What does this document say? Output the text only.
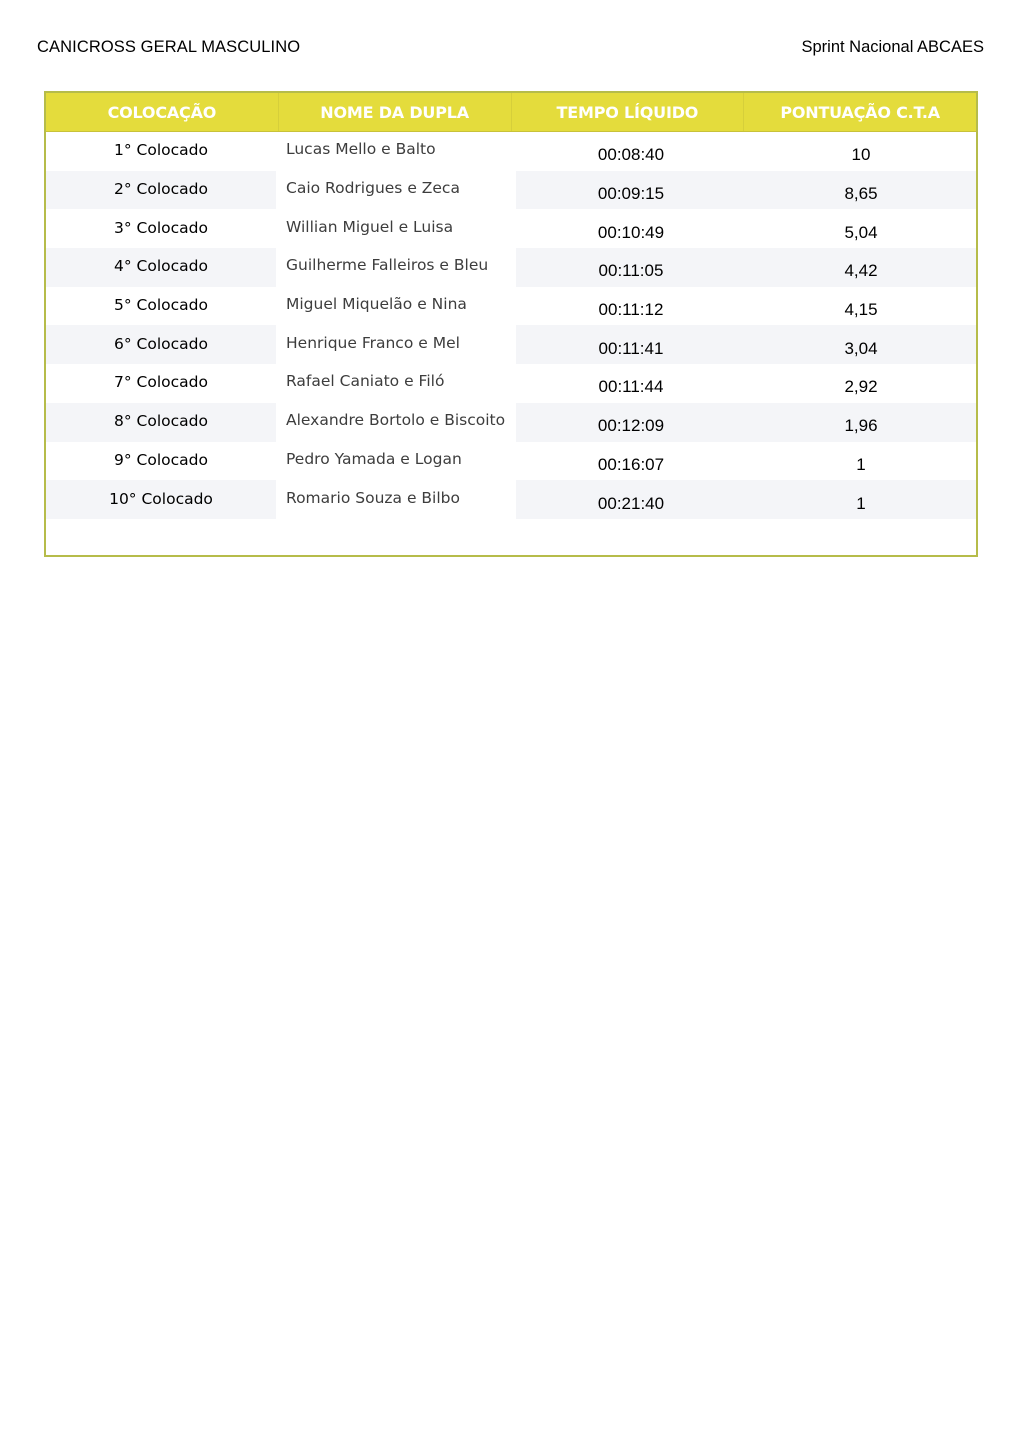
CANICROSS GERAL MASCULINO	Sprint Nacional ABCAES
COLOCAÇÃO	NOME DA DUPLA	TEMPO LÍQUIDO	PONTUAÇÃO C.T.A
1° Colocado	Lucas Mello e Balto	00:08:40	10
2° Colocado	Caio Rodrigues e Zeca	00:09:15	8,65
3° Colocado	Willian Miguel e Luisa	00:10:49	5,04
4° Colocado	Guilherme Falleiros e Bleu	00:11:05	4,42
5° Colocado	Miguel Miquelão e Nina	00:11:12	4,15
6° Colocado	Henrique Franco e Mel	00:11:41	3,04
7° Colocado	Rafael Caniato e Filó	00:11:44	2,92
8° Colocado	Alexandre Bortolo e Biscoito	00:12:09	1,96
9° Colocado	Pedro Yamada e Logan	00:16:07	1
10° Colocado	Romario Souza e Bilbo	00:21:40	1
